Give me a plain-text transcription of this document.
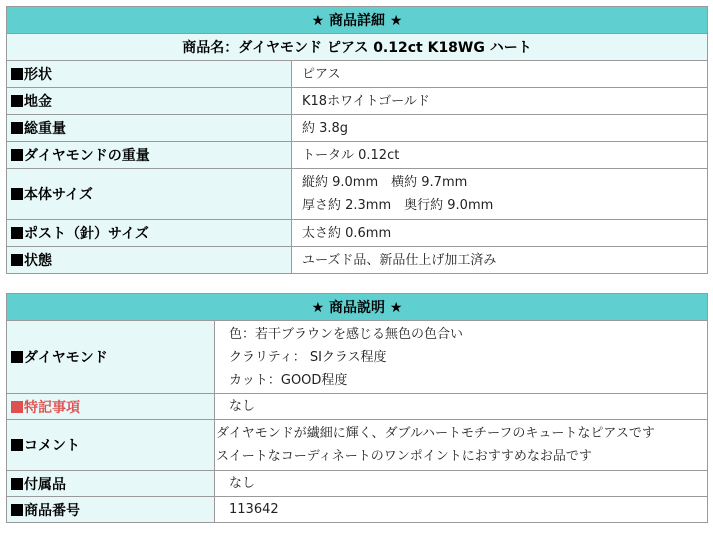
★ 商品詳細 ★	
商品名：ダイヤモンド ピアス 0.12ct K18WG ハート	
形状	ピアス

地金	K18ホワイトゴールド

総重量	約 3.8g

ダイヤモンドの重量	トータル 0.12ct

本体サイズ	縦約 9.0mm　横約 9.7mm
厚さ約 2.3mm　奥行約 9.0mm

ポスト（針）サイズ	太さ約 0.6mm

状態	ユーズド品、新品仕上げ加工済み
★ 商品説明 ★	
ダイヤモンド	色：若干ブラウンを感じる無色の色合い
クラリティ： SIクラス程度
カット：GOOD程度

特記事項	なし

コメント	ダイヤモンドが繊細に輝く、ダブルハートモチーフのキュートなピアスです
スイートなコーディネートのワンポイントにおすすめなお品です

付属品	なし

商品番号	113642
